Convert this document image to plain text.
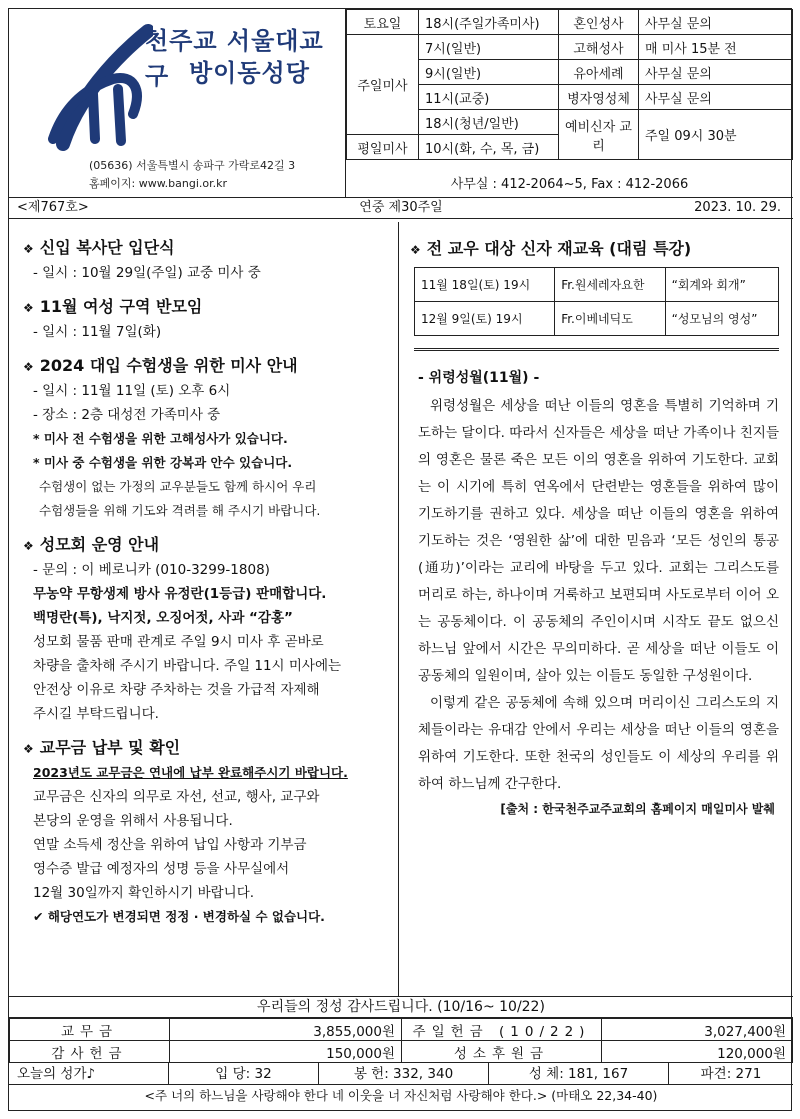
천주교 서울대교구 방이동성당
(05636) 서울특별시 송파구 가락로42길 3
홈페이지: www.bangi.or.kr
토요일	18시(주일가족미사)	혼인성사	사무실 문의
주일미사	7시(일반)	고해성사	매 미사 15분 전
	9시(일반)	유아세례	사무실 문의
	11시(교중)	병자영성체	사무실 문의
	18시(청년/일반)	예비신자 교리	주일 09시 30분
평일미사	10시(화, 수, 목, 금)		
사무실 : 412-2064~5, Fax : 412-2066
연중 제30주일
<제767호>	2023. 10. 29.
❖ 신입 복사단 입단식
- 일시 : 10월 29일(주일) 교중 미사 중
❖ 11월 여성 구역 반모임
- 일시 : 11월 7일(화)
❖ 2024 대입 수험생을 위한 미사 안내
- 일시 : 11월 11일 (토) 오후 6시
- 장소 : 2층 대성전 가족미사 중
* 미사 전 수험생을 위한 고해성사가 있습니다.
* 미사 중 수험생을 위한 강복과 안수 있습니다.
수험생이 없는 가정의 교우분들도 함께 하시어 우리
수험생들을 위해 기도와 격려를 해 주시기 바랍니다.
❖ 성모회 운영 안내
- 문의 : 이 베로니카 (010-3299-1808)
무농약 무항생제 방사 유정란(1등급) 판매합니다.
백명란(특), 낙지젓, 오징어젓, 사과 “감홍”
성모회 물품 판매 관계로 주일 9시 미사 후 곧바로
차량을 출차해 주시기 바랍니다. 주일 11시 미사에는
안전상 이유로 차량 주차하는 것을 가급적 자제해
주시길 부탁드립니다.
❖ 교무금 납부 및 확인
2023년도 교무금은 연내에 납부 완료해주시기 바랍니다.
교무금은 신자의 의무로 자선, 선교, 행사, 교구와
본당의 운영을 위해서 사용됩니다.
연말 소득세 정산을 위하여 납입 사항과 기부금
영수증 발급 예정자의 성명 등을 사무실에서
12월 30일까지 확인하시기 바랍니다.
✔ 해당연도가 변경되면 정정 · 변경하실 수 없습니다.
❖ 전 교우 대상 신자 재교육 (대림 특강)
11월 18일(토) 19시	Fr.원세레자요한	“회계와 회개”
12월 9일(토) 19시	Fr.이베네딕도	“성모님의 영성”
- 위령성월(11월) -

위령성월은 세상을 떠난 이들의 영혼을 특별히 기억하며 기도하는 달이다. 따라서 신자들은 세상을 떠난 가족이나 친지들의 영혼은 물론 죽은 모든 이의 영혼을 위하여 기도한다. 교회는 이 시기에 특히 연옥에서 단련받는 영혼들을 위하여 많이 기도하기를 권하고 있다. 세상을 떠난 이들의 영혼을 위하여 기도하는 것은 ‘영원한 삶’에 대한 믿음과 ‘모든 성인의 통공(通功)’이라는 교리에 바탕을 두고 있다. 교회는 그리스도를 머리로 하는, 하나이며 거룩하고 보편되며 사도로부터 이어 오는 공동체이다. 이 공동체의 주인이시며 시작도 끝도 없으신 하느님 앞에서 시간은 무의미하다. 곧 세상을 떠난 이들도 이 공동체의 일원이며, 살아 있는 이들도 동일한 구성원이다.

이렇게 같은 공동체에 속해 있으며 머리이신 그리스도의 지체들이라는 유대감 안에서 우리는 세상을 떠난 이들의 영혼을 위하여 기도한다. 또한 천국의 성인들도 이 세상의 우리를 위하여 하느님께 간구한다.

[출처 : 한국천주교주교회의 홈페이지 매일미사 발췌
우리들의 정성 감사드립니다. (10/16~ 10/22)
교무금	3,855,000원	주일헌금 (10/22)	3,027,400원
감사헌금	150,000원	성소후원금	120,000원
오늘의 성가♪	입 당: 32	봉 헌: 332, 340	성 체: 181, 167	파견: 271
<주 너의 하느님을 사랑해야 한다 네 이웃을 너 자신처럼 사랑해야 한다.> (마태오 22,34-40)
